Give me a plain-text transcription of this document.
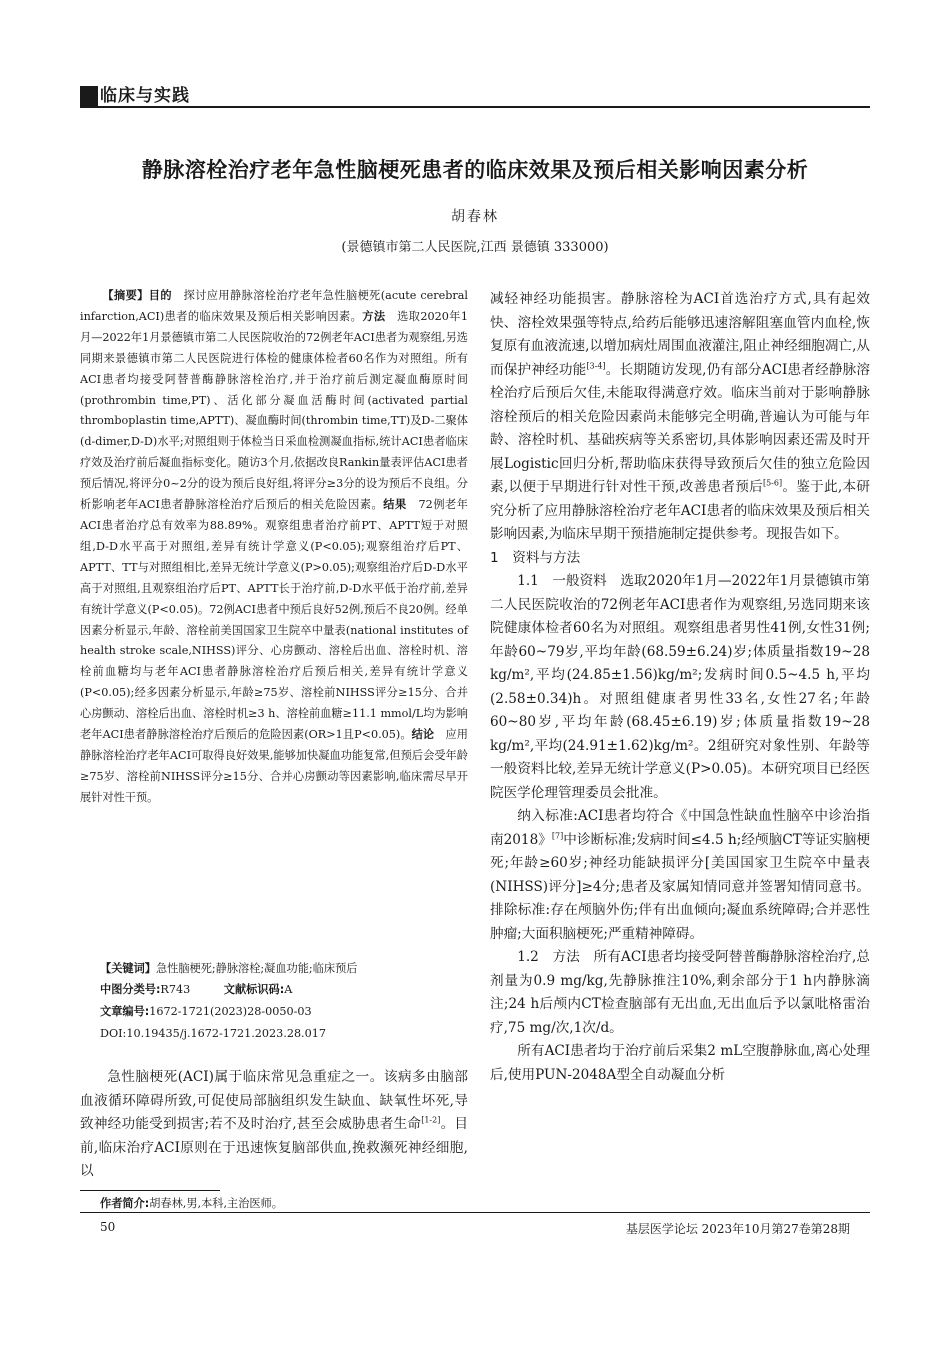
临床与实践
静脉溶栓治疗老年急性脑梗死患者的临床效果及预后相关影响因素分析
胡春林
(景德镇市第二人民医院,江西 景德镇 333000)

【摘要】目的　 探讨应用静脉溶栓治疗老年急性脑梗死(acute cerebral infarction,ACI)患者的临床效果及预后相关影响因素。方法　 选取2020年1月—2022年1月景德镇市第二人民医院收治的72例老年ACI患者为观察组,另选同期来景德镇市第二人民医院进行体检的健康体检者60名作为对照组。所有ACI患者均接受阿替普酶静脉溶栓治疗,并于治疗前后测定凝血酶原时间(prothrombin time,PT)、活化部分凝血活酶时间(activated partial thromboplastin time,APTT)、凝血酶时间(thrombin time,TT)及D-二聚体(d-dimer,D-D)水平;对照组则于体检当日采血检测凝血指标,统计ACI患者临床疗效及治疗前后凝血指标变化。随访3个月,依据改良Rankin量表评估ACI患者预后情况,将评分0~2分的设为预后良好组,将评分≥3分的设为预后不良组。分析影响老年ACI患者静脉溶栓治疗后预后的相关危险因素。结果　 72例老年ACI患者治疗总有效率为88.89%。观察组患者治疗前PT、APTT短于对照组,D-D水平高于对照组,差异有统计学意义(P<0.05);观察组治疗后PT、APTT、TT与对照组相比,差异无统计学意义(P>0.05);观察组治疗后D-D水平高于对照组,且观察组治疗后PT、APTT长于治疗前,D-D水平低于治疗前,差异有统计学意义(P<0.05)。72例ACI患者中预后良好52例,预后不良20例。经单因素分析显示,年龄、溶栓前美国国家卫生院卒中量表(national institutes of health stroke scale,NIHSS)评分、心房颤动、溶栓后出血、溶栓时机、溶栓前血糖均与老年ACI患者静脉溶栓治疗后预后相关,差异有统计学意义(P<0.05);经多因素分析显示,年龄≥75岁、溶栓前NIHSS评分≥15分、合并心房颤动、溶栓后出血、溶栓时机≥3 h、溶栓前血糖≥11.1 mmol/L均为影响老年ACI患者静脉溶栓治疗后预后的危险因素(OR>1且P<0.05)。结论　 应用静脉溶栓治疗老年ACI可取得良好效果,能够加快凝血功能复常,但预后会受年龄≥75岁、溶栓前NIHSS评分≥15分、合并心房颤动等因素影响,临床需尽早开展针对性干预。

【关键词】急性脑梗死;静脉溶栓;凝血功能;临床预后
中图分类号:R743　　　	文献标识码:A
文章编号:1672-1721(2023)28-0050-03
DOI:10.19435/j.1672-1721.2023.28.017

急性脑梗死(ACI)属于临床常见急重症之一。该病多由脑部血液循环障碍所致,可促使局部脑组织发生缺血、缺氧性坏死,导致神经功能受到损害;若不及时治疗,甚至会威胁患者生命[1-2]。目前,临床治疗ACI原则在于迅速恢复脑部供血,挽救濒死神经细胞,以

作者简介:胡春林,男,本科,主治医师。

减轻神经功能损害。静脉溶栓为ACI首选治疗方式,具有起效快、溶栓效果强等特点,给药后能够迅速溶解阻塞血管内血栓,恢复原有血液流速,以增加病灶周围血液灌注,阻止神经细胞凋亡,从而保护神经功能[3-4]。长期随访发现,仍有部分ACI患者经静脉溶栓治疗后预后欠佳,未能取得满意疗效。临床当前对于影响静脉溶栓预后的相关危险因素尚未能够完全明确,普遍认为可能与年龄、溶栓时机、基础疾病等关系密切,具体影响因素还需及时开展Logistic回归分析,帮助临床获得导致预后欠佳的独立危险因素,以便于早期进行针对性干预,改善患者预后[5-6]。鉴于此,本研究分析了应用静脉溶栓治疗老年ACI患者的临床效果及预后相关影响因素,为临床早期干预措施制定提供参考。现报告如下。

1　资料与方法

1.1　一般资料　选取2020年1月—2022年1月景德镇市第二人民医院收治的72例老年ACI患者作为观察组,另选同期来该院健康体检者60名为对照组。观察组患者男性41例,女性31例;年龄60~79岁,平均年龄(68.59±6.24)岁;体质量指数19~28 kg/m²,平均(24.85±1.56)kg/m²;发病时间0.5~4.5 h,平均(2.58±0.34)h。对照组健康者男性33名,女性27名;年龄60~80岁,平均年龄(68.45±6.19)岁;体质量指数19~28 kg/m²,平均(24.91±1.62)kg/m²。2组研究对象性别、年龄等一般资料比较,差异无统计学意义(P>0.05)。本研究项目已经医院医学伦理管理委员会批准。

纳入标准:ACI患者均符合《中国急性缺血性脑卒中诊治指南2018》[7]中诊断标准;发病时间≤4.5 h;经颅脑CT等证实脑梗死;年龄≥60岁;神经功能缺损评分[美国国家卫生院卒中量表(NIHSS)评分]≥4分;患者及家属知情同意并签署知情同意书。排除标准:存在颅脑外伤;伴有出血倾向;凝血系统障碍;合并恶性肿瘤;大面积脑梗死;严重精神障碍。

1.2　方法　所有ACI患者均接受阿替普酶静脉溶栓治疗,总剂量为0.9 mg/kg,先静脉推注10%,剩余部分于1 h内静脉滴注;24 h后颅内CT检查脑部有无出血,无出血后予以氯吡格雷治疗,75 mg/次,1次/d。

所有ACI患者均于治疗前后采集2 mL空腹静脉血,离心处理后,使用PUN-2048A型全自动凝血分析

50	基层医学论坛 2023年10月第27卷第28期
